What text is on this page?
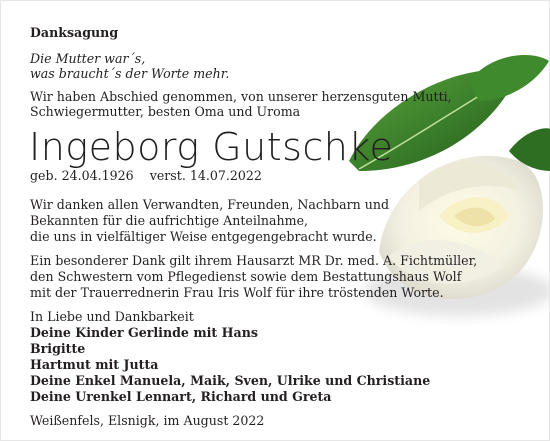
Danksagung
Die Mutter war´s,
was braucht´s der Worte mehr.
Wir haben Abschied genommen, von unserer herzensguten Mutti,
Schwiegermutter, besten Oma und Uroma
Ingeborg Gutschke
geb. 24.04.1926 verst. 14.07.2022
Wir danken allen Verwandten, Freunden, Nachbarn und
Bekannten für die aufrichtige Anteilnahme,
die uns in vielfältiger Weise entgegengebracht wurde.
Ein besonderer Dank gilt ihrem Hausarzt MR Dr. med. A. Fichtmüller,
den Schwestern vom Pflegedienst sowie dem Bestattungshaus Wolf
mit der Trauerrednerin Frau Iris Wolf für ihre tröstenden Worte.
In Liebe und Dankbarkeit
Deine Kinder Gerlinde mit Hans
Brigitte
Hartmut mit Jutta
Deine Enkel Manuela, Maik, Sven, Ulrike und Christiane
Deine Urenkel Lennart, Richard und Greta
Weißenfels, Elsnigk, im August 2022
